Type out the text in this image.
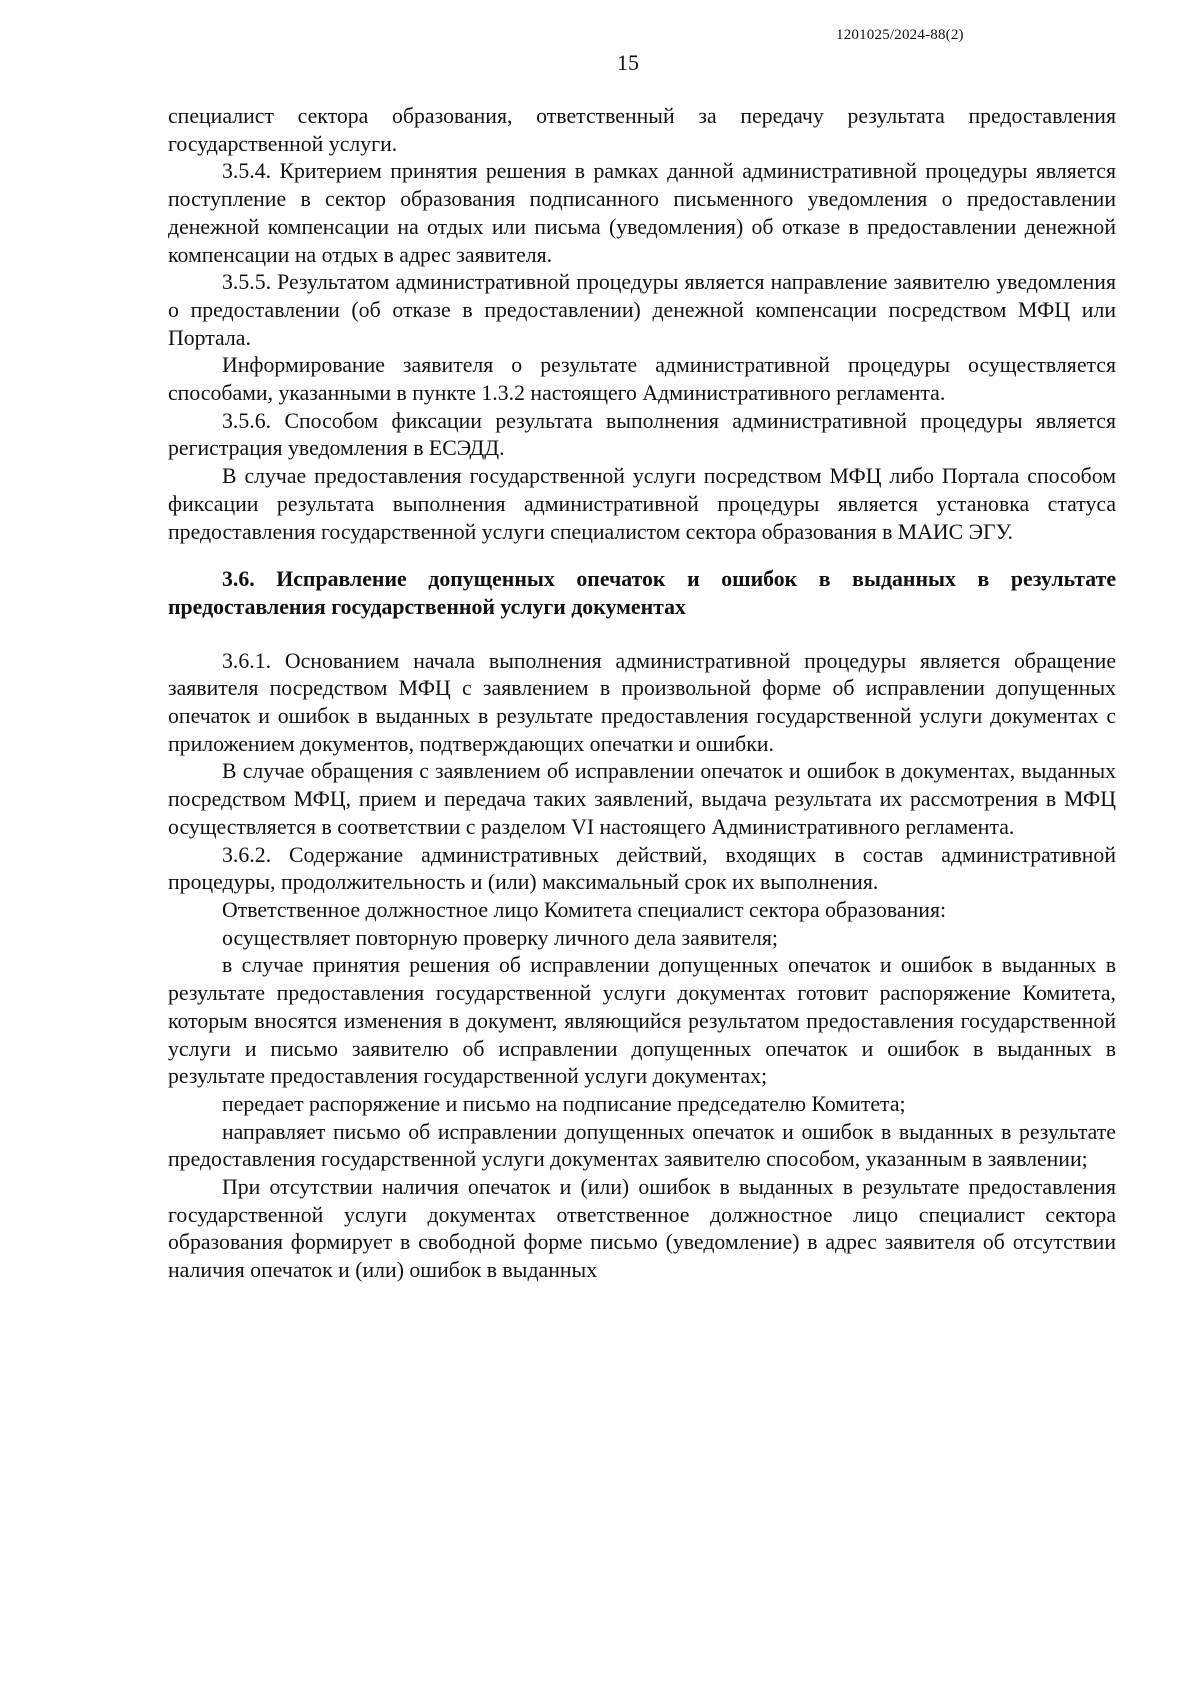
1201025/2024-88(2)
15

специалист сектора образования, ответственный за передачу результата предоставления государственной услуги.

3.5.4. Критерием принятия решения в рамках данной административной процедуры является поступление в сектор образования подписанного письменного уведомления о предоставлении денежной компенсации на отдых или письма (уведомления) об отказе в предоставлении денежной компенсации на отдых в адрес заявителя.

3.5.5. Результатом административной процедуры является направление заявителю уведомления о предоставлении (об отказе в предоставлении) денежной компенсации посредством МФЦ или Портала.

Информирование заявителя о результате административной процедуры осуществляется способами, указанными в пункте 1.3.2 настоящего Административного регламента.

3.5.6. Способом фиксации результата выполнения административной процедуры является регистрация уведомления в ЕСЭДД.

В случае предоставления государственной услуги посредством МФЦ либо Портала способом фиксации результата выполнения административной процедуры является установка статуса предоставления государственной услуги специалистом сектора образования в МАИС ЭГУ.

3.6. Исправление допущенных опечаток и ошибок в выданных в результате предоставления государственной услуги документах

3.6.1. Основанием начала выполнения административной процедуры является обращение заявителя посредством МФЦ с заявлением в произвольной форме об исправлении допущенных опечаток и ошибок в выданных в результате предоставления государственной услуги документах с приложением документов, подтверждающих опечатки и ошибки.

В случае обращения с заявлением об исправлении опечаток и ошибок в документах, выданных посредством МФЦ, прием и передача таких заявлений, выдача результата их рассмотрения в МФЦ осуществляется в соответствии с разделом VI настоящего Административного регламента.

3.6.2. Содержание административных действий, входящих в состав административной процедуры, продолжительность и (или) максимальный срок их выполнения.

Ответственное должностное лицо Комитета специалист сектора образования:

осуществляет повторную проверку личного дела заявителя;

в случае принятия решения об исправлении допущенных опечаток и ошибок в выданных в результате предоставления государственной услуги документах готовит распоряжение Комитета, которым вносятся изменения в документ, являющийся результатом предоставления государственной услуги и письмо заявителю об исправлении допущенных опечаток и ошибок в выданных в результате предоставления государственной услуги документах;

передает распоряжение и письмо на подписание председателю Комитета;

направляет письмо об исправлении допущенных опечаток и ошибок в выданных в результате предоставления государственной услуги документах заявителю способом, указанным в заявлении;

При отсутствии наличия опечаток и (или) ошибок в выданных в результате предоставления государственной услуги документах ответственное должностное лицо специалист сектора образования формирует в свободной форме письмо (уведомление) в адрес заявителя об отсутствии наличия опечаток и (или) ошибок в выданных
